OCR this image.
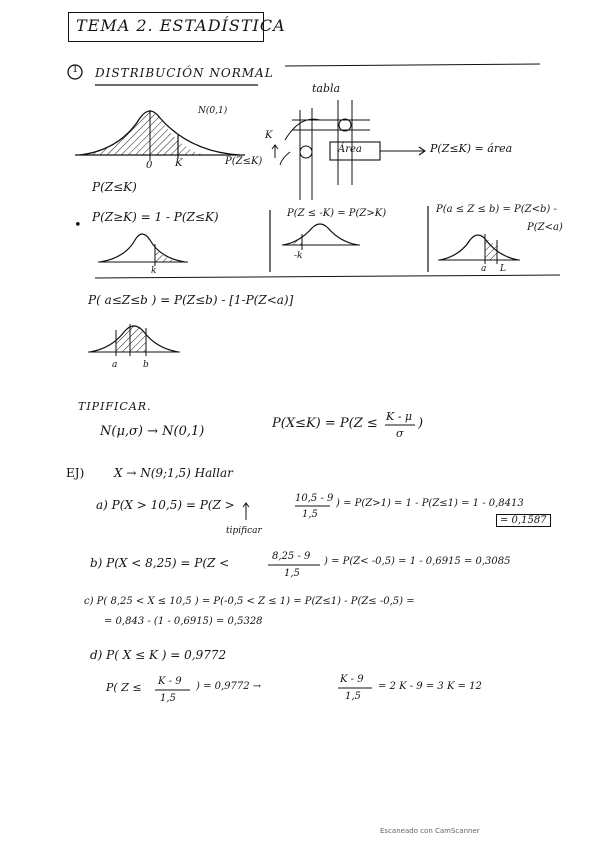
TEMA 2. ESTADÍSTICA
1 DISTRIBUCIÓN NORMAL
N(0,1)
0 K
P(Z≤K)
tabla
K
P(Z≤K)
Área	P(Z≤K) = área
•
P(Z≥K) = 1 - P(Z≤K)
k
P(Z ≤ -K) = P(Z>K)
-k
P(a ≤ Z ≤ b) = P(Z<b) -
P(Z<a)
a L
P( a≤Z≤b ) = P(Z≤b) - [1-P(Z<a)]
a	b
TIPIFICAR.
N(μ,σ) → N(0,1)
P(X≤K) = P(Z ≤ K - μ
σ
)
EJ) X → N(9;1,5) Hallar
a) P(X > 10,5) = P(Z >	10,5 - 9
1,5
) = P(Z>1) = 1 - P(Z≤1) = 1 - 0,8413
= 0,1587
tipificar
b) P(X < 8,25) = P(Z <	8,25 - 9
1,5
) = P(Z< -0,5) = 1 - 0,6915 = 0,3085
c) P( 8,25 < X ≤ 10,5 ) = P(-0,5 < Z ≤ 1) = P(Z≤1) - P(Z≤ -0,5) =
= 0,843 - (1 - 0,6915) = 0,5328
d) P( X ≤ K ) = 0,9772
P( Z ≤ K - 9
1,5
) = 0,9772 →
K - 9
1,5
= 2 K - 9 = 3 K = 12
Escaneado con CamScanner
